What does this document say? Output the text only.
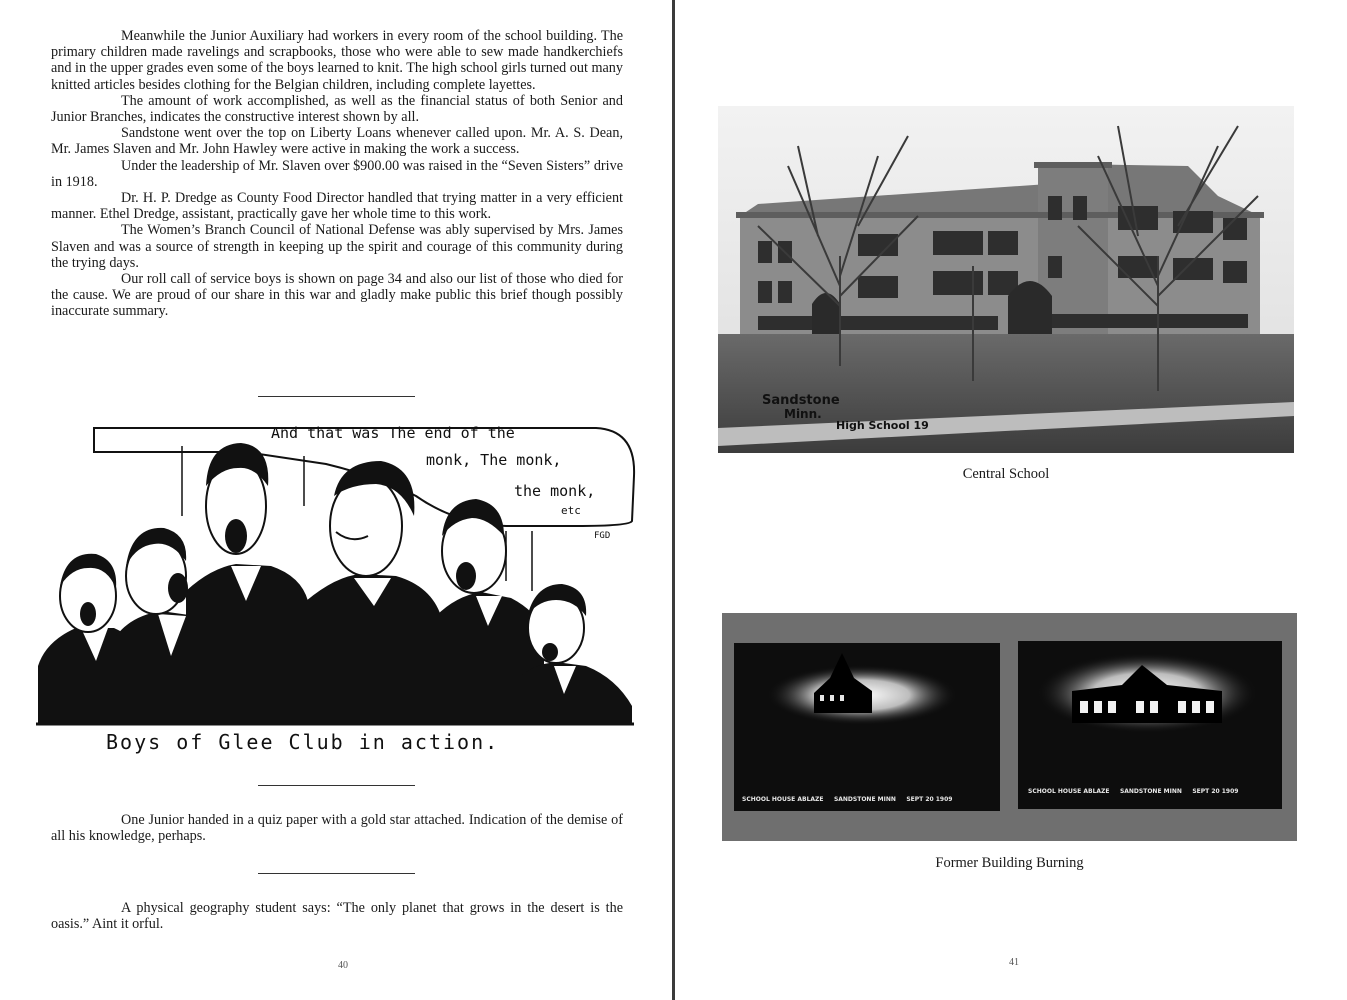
Meanwhile the Junior Auxiliary had workers in every room of the school building. The primary children made ravelings and scrapbooks, those who were able to sew made handkerchiefs and in the upper grades even some of the boys learned to knit. The high school girls turned out many knitted articles besides clothing for the Belgian children, including complete layettes.

The amount of work accomplished, as well as the financial status of both Senior and Junior Branches, indicates the constructive interest shown by all.

Sandstone went over the top on Liberty Loans whenever called upon. Mr. A. S. Dean, Mr. James Slaven and Mr. John Hawley were active in making the work a success.

Under the leadership of Mr. Slaven over $900.00 was raised in the “Seven Sisters” drive in 1918.

Dr. H. P. Dredge as County Food Director handled that trying matter in a very efficient manner. Ethel Dredge, assistant, practically gave her whole time to this work.

The Women’s Branch Council of National Defense was ably supervised by Mrs. James Slaven and was a source of strength in keeping up the spirit and courage of this community during the trying days.

Our roll call of service boys is shown on page 34 and also our list of those who died for the cause. We are proud of our share in this war and gladly make public this brief though possibly inaccurate summary.

And that was The end of the
monk, The monk,
the monk,
etc
FGD
Boys of Glee Club in action.

One Junior handed in a quiz paper with a gold star attached. Indication of the demise of all his knowledge, perhaps.

A physical geography student says: “The only planet that grows in the desert is the oasis.” Aint it orful.

40
Sandstone
Minn.
High School 19
Central School
SCHOOL HOUSE ABLAZE     SANDSTONE MINN     SEPT 20 1909
SCHOOL HOUSE ABLAZE     SANDSTONE MINN     SEPT 20 1909
Former Building Burning
41
